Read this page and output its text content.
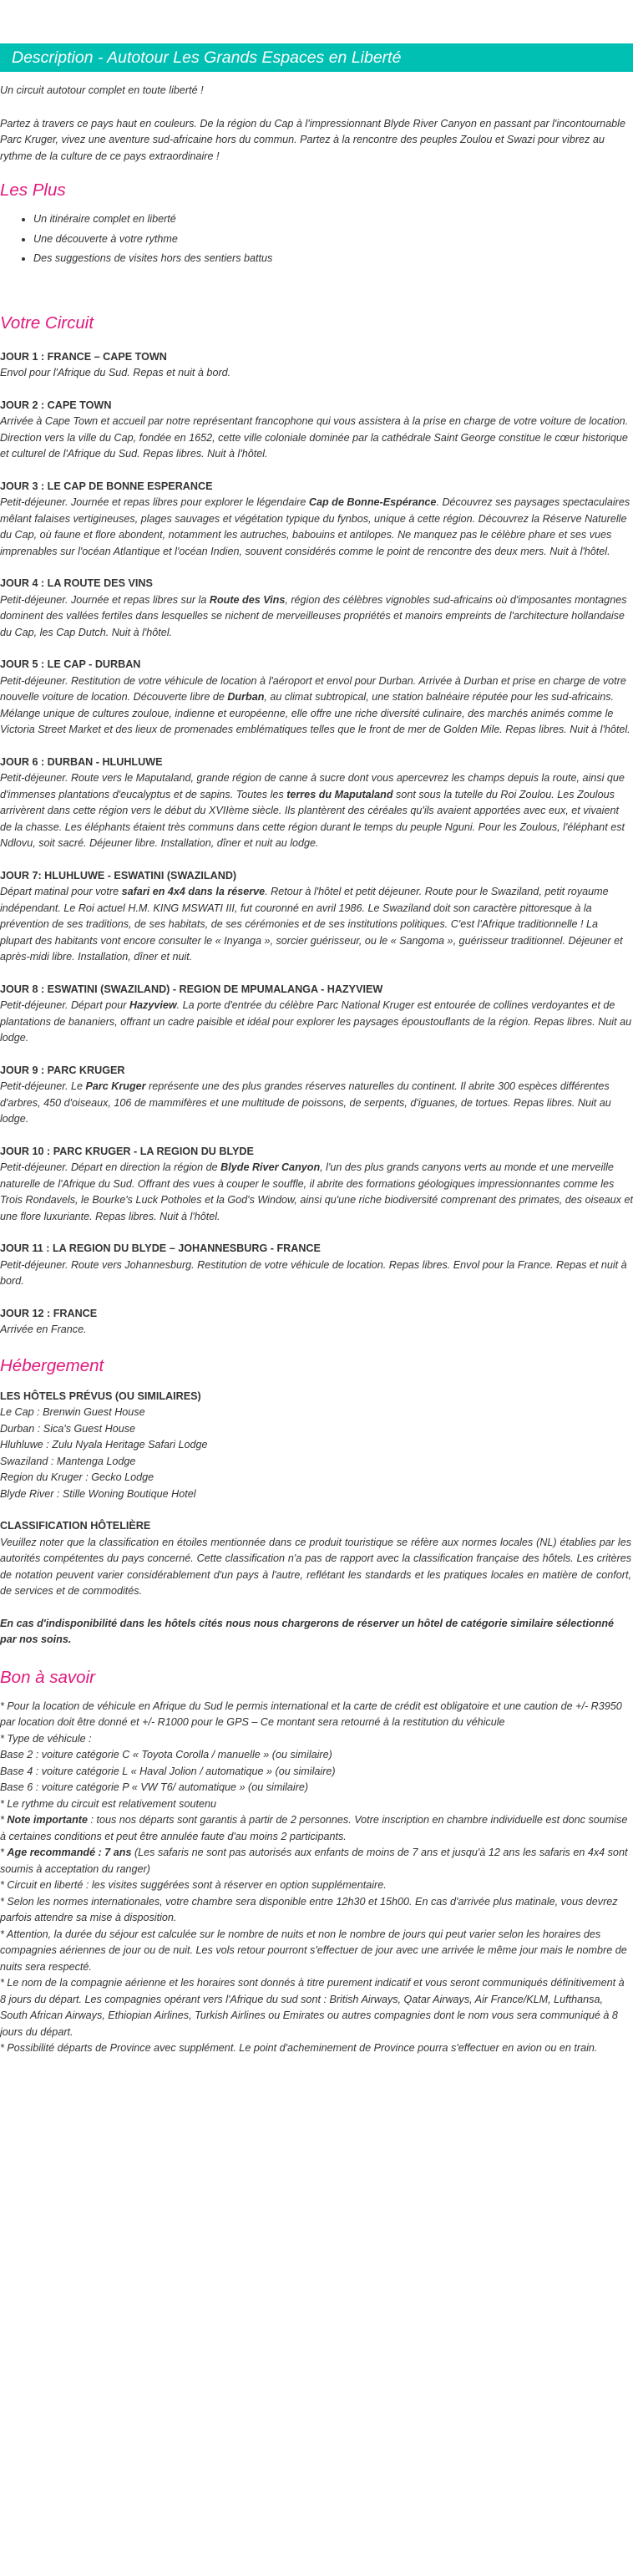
Description - Autotour Les Grands Espaces en Liberté

Un circuit autotour complet en toute liberté !

Partez à travers ce pays haut en couleurs. De la région du Cap à l'impressionnant Blyde River Canyon en passant par l'incontournable Parc Kruger, vivez une aventure sud-africaine hors du commun. Partez à la rencontre des peuples Zoulou et Swazi pour vibrez au rythme de la culture de ce pays extraordinaire !

Les Plus
• Un itinéraire complet en liberté
• Une découverte à votre rythme
• Des suggestions de visites hors des sentiers battus
Votre Circuit

JOUR 1 : FRANCE – CAPE TOWN

Envol pour l'Afrique du Sud. Repas et nuit à bord.

JOUR 2 : CAPE TOWN

Arrivée à Cape Town et accueil par notre représentant francophone qui vous assistera à la prise en charge de votre voiture de location. Direction vers la ville du Cap, fondée en 1652, cette ville coloniale dominée par la cathédrale Saint George constitue le cœur historique et culturel de l'Afrique du Sud. Repas libres. Nuit à l'hôtel.

JOUR 3 : LE CAP DE BONNE ESPERANCE

Petit-déjeuner. Journée et repas libres pour explorer le légendaire Cap de Bonne-Espérance. Découvrez ses paysages spectaculaires mêlant falaises vertigineuses, plages sauvages et végétation typique du fynbos, unique à cette région. Découvrez la Réserve Naturelle du Cap, où faune et flore abondent, notamment les autruches, babouins et antilopes. Ne manquez pas le célèbre phare et ses vues imprenables sur l'océan Atlantique et l'océan Indien, souvent considérés comme le point de rencontre des deux mers. Nuit à l'hôtel.

JOUR 4 : LA ROUTE DES VINS

Petit-déjeuner. Journée et repas libres sur la Route des Vins, région des célèbres vignobles sud-africains où d'imposantes montagnes dominent des vallées fertiles dans lesquelles se nichent de merveilleuses propriétés et manoirs empreints de l'architecture hollandaise du Cap, les Cap Dutch. Nuit à l'hôtel.

JOUR 5 : LE CAP - DURBAN

Petit-déjeuner. Restitution de votre véhicule de location à l'aéroport et envol pour Durban. Arrivée à Durban et prise en charge de votre nouvelle voiture de location. Découverte libre de Durban, au climat subtropical, une station balnéaire réputée pour les sud-africains. Mélange unique de cultures zouloue, indienne et européenne, elle offre une riche diversité culinaire, des marchés animés comme le Victoria Street Market et des lieux de promenades emblématiques telles que le front de mer de Golden Mile. Repas libres. Nuit à l'hôtel.

JOUR 6 : DURBAN - HLUHLUWE

Petit-déjeuner. Route vers le Maputaland, grande région de canne à sucre dont vous apercevrez les champs depuis la route, ainsi que d'immenses plantations d'eucalyptus et de sapins. Toutes les terres du Maputaland sont sous la tutelle du Roi Zoulou. Les Zoulous arrivèrent dans cette région vers le début du XVIIème siècle. Ils plantèrent des céréales qu'ils avaient apportées avec eux, et vivaient de la chasse. Les éléphants étaient très communs dans cette région durant le temps du peuple Nguni. Pour les Zoulous, l'éléphant est Ndlovu, soit sacré. Déjeuner libre. Installation, dîner et nuit au lodge.

JOUR 7: HLUHLUWE - ESWATINI (SWAZILAND)

Départ matinal pour votre safari en 4x4 dans la réserve. Retour à l'hôtel et petit déjeuner. Route pour le Swaziland, petit royaume indépendant. Le Roi actuel H.M. KING MSWATI III, fut couronné en avril 1986. Le Swaziland doit son caractère pittoresque à la prévention de ses traditions, de ses habitats, de ses cérémonies et de ses institutions politiques. C'est l'Afrique traditionnelle ! La plupart des habitants vont encore consulter le « Inyanga », sorcier guérisseur, ou le « Sangoma », guérisseur traditionnel. Déjeuner et après-midi libre. Installation, dîner et nuit.

JOUR 8 : ESWATINI (SWAZILAND) - REGION DE MPUMALANGA - HAZYVIEW

Petit-déjeuner. Départ pour Hazyview. La porte d'entrée du célèbre Parc National Kruger est entourée de collines verdoyantes et de plantations de bananiers, offrant un cadre paisible et idéal pour explorer les paysages époustouflants de la région. Repas libres. Nuit au lodge.

JOUR 9 : PARC KRUGER

Petit-déjeuner. Le Parc Kruger représente une des plus grandes réserves naturelles du continent. Il abrite 300 espèces différentes d'arbres, 450 d'oiseaux, 106 de mammifères et une multitude de poissons, de serpents, d'iguanes, de tortues. Repas libres. Nuit au lodge.

JOUR 10 : PARC KRUGER - LA REGION DU BLYDE

Petit-déjeuner. Départ en direction la région de Blyde River Canyon, l'un des plus grands canyons verts au monde et une merveille naturelle de l'Afrique du Sud. Offrant des vues à couper le souffle, il abrite des formations géologiques impressionnantes comme les Trois Rondavels, le Bourke's Luck Potholes et la God's Window, ainsi qu'une riche biodiversité comprenant des primates, des oiseaux et une flore luxuriante. Repas libres. Nuit à l'hôtel.

JOUR 11 : LA REGION DU BLYDE – JOHANNESBURG - FRANCE

Petit-déjeuner. Route vers Johannesburg. Restitution de votre véhicule de location. Repas libres. Envol pour la France. Repas et nuit à bord.

JOUR 12 : FRANCE

Arrivée en France.

Hébergement

LES HÔTELS PRÉVUS (OU SIMILAIRES)

Le Cap : Brenwin Guest House

Durban : Sica's Guest House

Hluhluwe : Zulu Nyala Heritage Safari Lodge

Swaziland : Mantenga Lodge

Region du Kruger : Gecko Lodge

Blyde River : Stille Woning Boutique Hotel

CLASSIFICATION HÔTELIÈRE

Veuillez noter que la classification en étoiles mentionnée dans ce produit touristique se réfère aux normes locales (NL) établies par les autorités compétentes du pays concerné. Cette classification n'a pas de rapport avec la classification française des hôtels. Les critères de notation peuvent varier considérablement d'un pays à l'autre, reflétant les standards et les pratiques locales en matière de confort, de services et de commodités.

En cas d'indisponibilité dans les hôtels cités nous nous chargerons de réserver un hôtel de catégorie similaire sélectionné par nos soins.

Bon à savoir

* Pour la location de véhicule en Afrique du Sud le permis international et la carte de crédit est obligatoire et une caution de +/- R3950 par location doit être donné et +/- R1000 pour le GPS – Ce montant sera retourné à la restitution du véhicule

* Type de véhicule :

Base 2 : voiture catégorie C « Toyota Corolla / manuelle » (ou similaire)

Base 4 : voiture catégorie L « Haval Jolion / automatique » (ou similaire)

Base 6 : voiture catégorie P « VW T6/ automatique » (ou similaire)

* Le rythme du circuit est relativement soutenu

* Note importante : tous nos départs sont garantis à partir de 2 personnes. Votre inscription en chambre individuelle est donc soumise à certaines conditions et peut être annulée faute d'au moins 2 participants.

* Age recommandé : 7 ans (Les safaris ne sont pas autorisés aux enfants de moins de 7 ans et jusqu'à 12 ans les safaris en 4x4 sont soumis à acceptation du ranger)

* Circuit en liberté : les visites suggérées sont à réserver en option supplémentaire.

* Selon les normes internationales, votre chambre sera disponible entre 12h30 et 15h00. En cas d'arrivée plus matinale, vous devrez parfois attendre sa mise à disposition.

* Attention, la durée du séjour est calculée sur le nombre de nuits et non le nombre de jours qui peut varier selon les horaires des compagnies aériennes de jour ou de nuit. Les vols retour pourront s'effectuer de jour avec une arrivée le même jour mais le nombre de nuits sera respecté.

* Le nom de la compagnie aérienne et les horaires sont donnés à titre purement indicatif et vous seront communiqués définitivement à 8 jours du départ. Les compagnies opérant vers l'Afrique du sud sont : British Airways, Qatar Airways, Air France/KLM, Lufthansa, South African Airways, Ethiopian Airlines, Turkish Airlines ou Emirates ou autres compagnies dont le nom vous sera communiqué à 8 jours du départ.

* Possibilité départs de Province avec supplément. Le point d'acheminement de Province pourra s'effectuer en avion ou en train.
